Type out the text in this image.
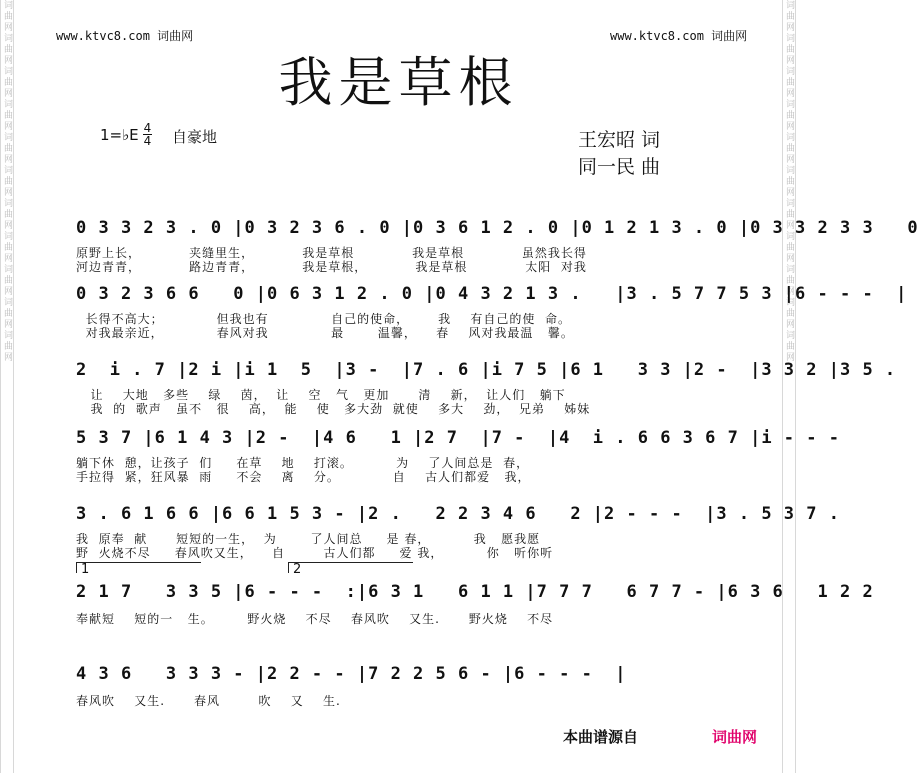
词曲网词曲网词曲网词曲网词曲网词曲网词曲网词曲网词曲网词曲网词曲网	词曲网词曲网词曲网词曲网词曲网词曲网词曲网词曲网词曲网词曲网词曲网
www.ktvc8.com 词曲网	www.ktvc8.com 词曲网
我是草根
1=♭E $\frac{4}{4}$ 自豪地	王宏昭 词
同一民 曲
0 3 3 2 3 . 0 |0 3 2 3 6 . 0 |0 3 6 1 2 . 0 |0 1 2 1 3 . 0 |0 3 3 2 3 3   0
原野上长，          夹缝里生，          我是草根            我是草根            虽然我长得
河边青青，          路边青青，          我是草根，          我是草根            太阳  对我
0 3 2 3 6 6   0 |0 6 3 1 2 . 0 |0 4 3 2 1 3 .   |3 . 5 7 7 5 3 |6 - - -  |
长得不高大；           但我也有             自己的使命，      我    有自己的使  命。
对我最亲近，           春风对我             最       温馨，    春    风对我最温   馨。
2  i . 7 |2 i |i 1  5  |3 -  |7 . 6 |i 7 5 |6 1   3 3 |2 -  |3 3 2 |3 5 .
让    大地   多些    绿    茵，  让    空   气   更加      清    新，  让人们   躺下
我  的  歌声   虽不   很    高，  能    使   多大劲  就使    多大    劲，  兄弟    姊妹
5 3 7 |6 1 4 3 |2 -  |4 6   1 |2 7  |7 -  |4  i . 6 6 3 6 7 |i - - -
躺下休  憩，让孩子  们     在草    地    打滚。         为    了人间总是  春，
手拉得  紧，狂风暴  雨     不会    离    分。           自    古人们都爱   我，
3 . 6 1 6 6 |6 6 1 5 3 - |2 .   2 2 3 4 6   2 |2 - - -  |3 . 5 3 7 .
我  原奉  献      短短的一生，  为       了人间总     是 春，         我   愿我愿
野  火烧不尽     春风吹又生，    自        古人们都     爱 我，         你   听你听
1	2
2 1 7   3 3 5 |6 - - -  :|6 3 1   6 1 1 |7 7 7   6 7 7 - |6 3 6   1 2 2
奉献短    短的一   生。       野火烧    不尽    春风吹    又生.      野火烧    不尽
4 3 6   3 3 3 - |2 2 - - |7 2 2 5 6 - |6 - - -  |
春风吹    又生.      春风        吹    又    生.
本曲谱源自	词曲网
